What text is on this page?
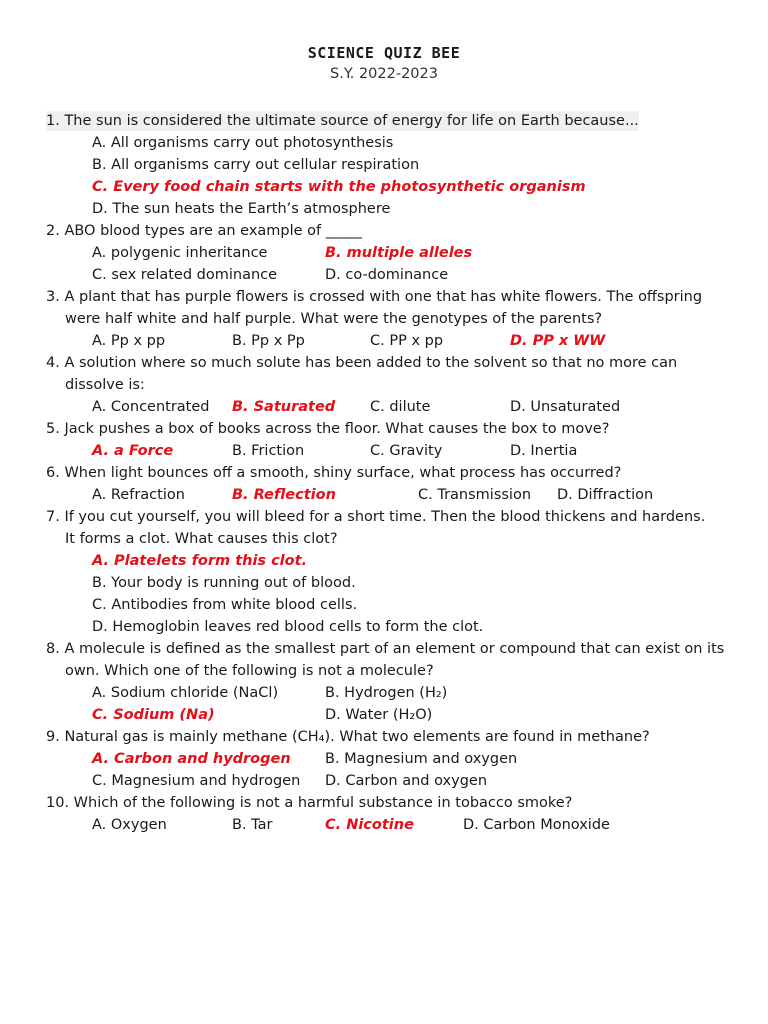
SCIENCE QUIZ BEE
S.Y. 2022-2023
1. The sun is considered the ultimate source of energy for life on Earth because...
A. All organisms carry out photosynthesis
B. All organisms carry out cellular respiration
C. Every food chain starts with the photosynthetic organism
D. The sun heats the Earth’s atmosphere
2. ABO blood types are an example of _____
A. polygenic inheritance	B. multiple alleles
C. sex related dominance	D. co-dominance
3. A plant that has purple flowers is crossed with one that has white flowers. The offspring
were half white and half purple. What were the genotypes of the parents?
A. Pp x pp	B. Pp x Pp	C. PP x pp	D. PP x WW
4. A solution where so much solute has been added to the solvent so that no more can
dissolve is:
A. Concentrated B. Saturated C. dilute	D. Unsaturated
5. Jack pushes a box of books across the floor. What causes the box to move?
A. a Force	B. Friction	C. Gravity	D. Inertia
6. When light bounces off a smooth, shiny surface, what process has occurred?
A. Refraction	B. Reflection	C. Transmission D. Diffraction
7. If you cut yourself, you will bleed for a short time. Then the blood thickens and hardens.
It forms a clot. What causes this clot?
A. Platelets form this clot.
B. Your body is running out of blood.
C. Antibodies from white blood cells.
D. Hemoglobin leaves red blood cells to form the clot.
8. A molecule is defined as the smallest part of an element or compound that can exist on its
own. Which one of the following is not a molecule?
A. Sodium chloride (NaCl)	B. Hydrogen (H₂)
C. Sodium (Na)	D. Water (H₂O)
9. Natural gas is mainly methane (CH₄). What two elements are found in methane?
A. Carbon and hydrogen B. Magnesium and oxygen
C. Magnesium and hydrogen D. Carbon and oxygen
10. Which of the following is not a harmful substance in tobacco smoke?
A. Oxygen	B. Tar	C. Nicotine	D. Carbon Monoxide
